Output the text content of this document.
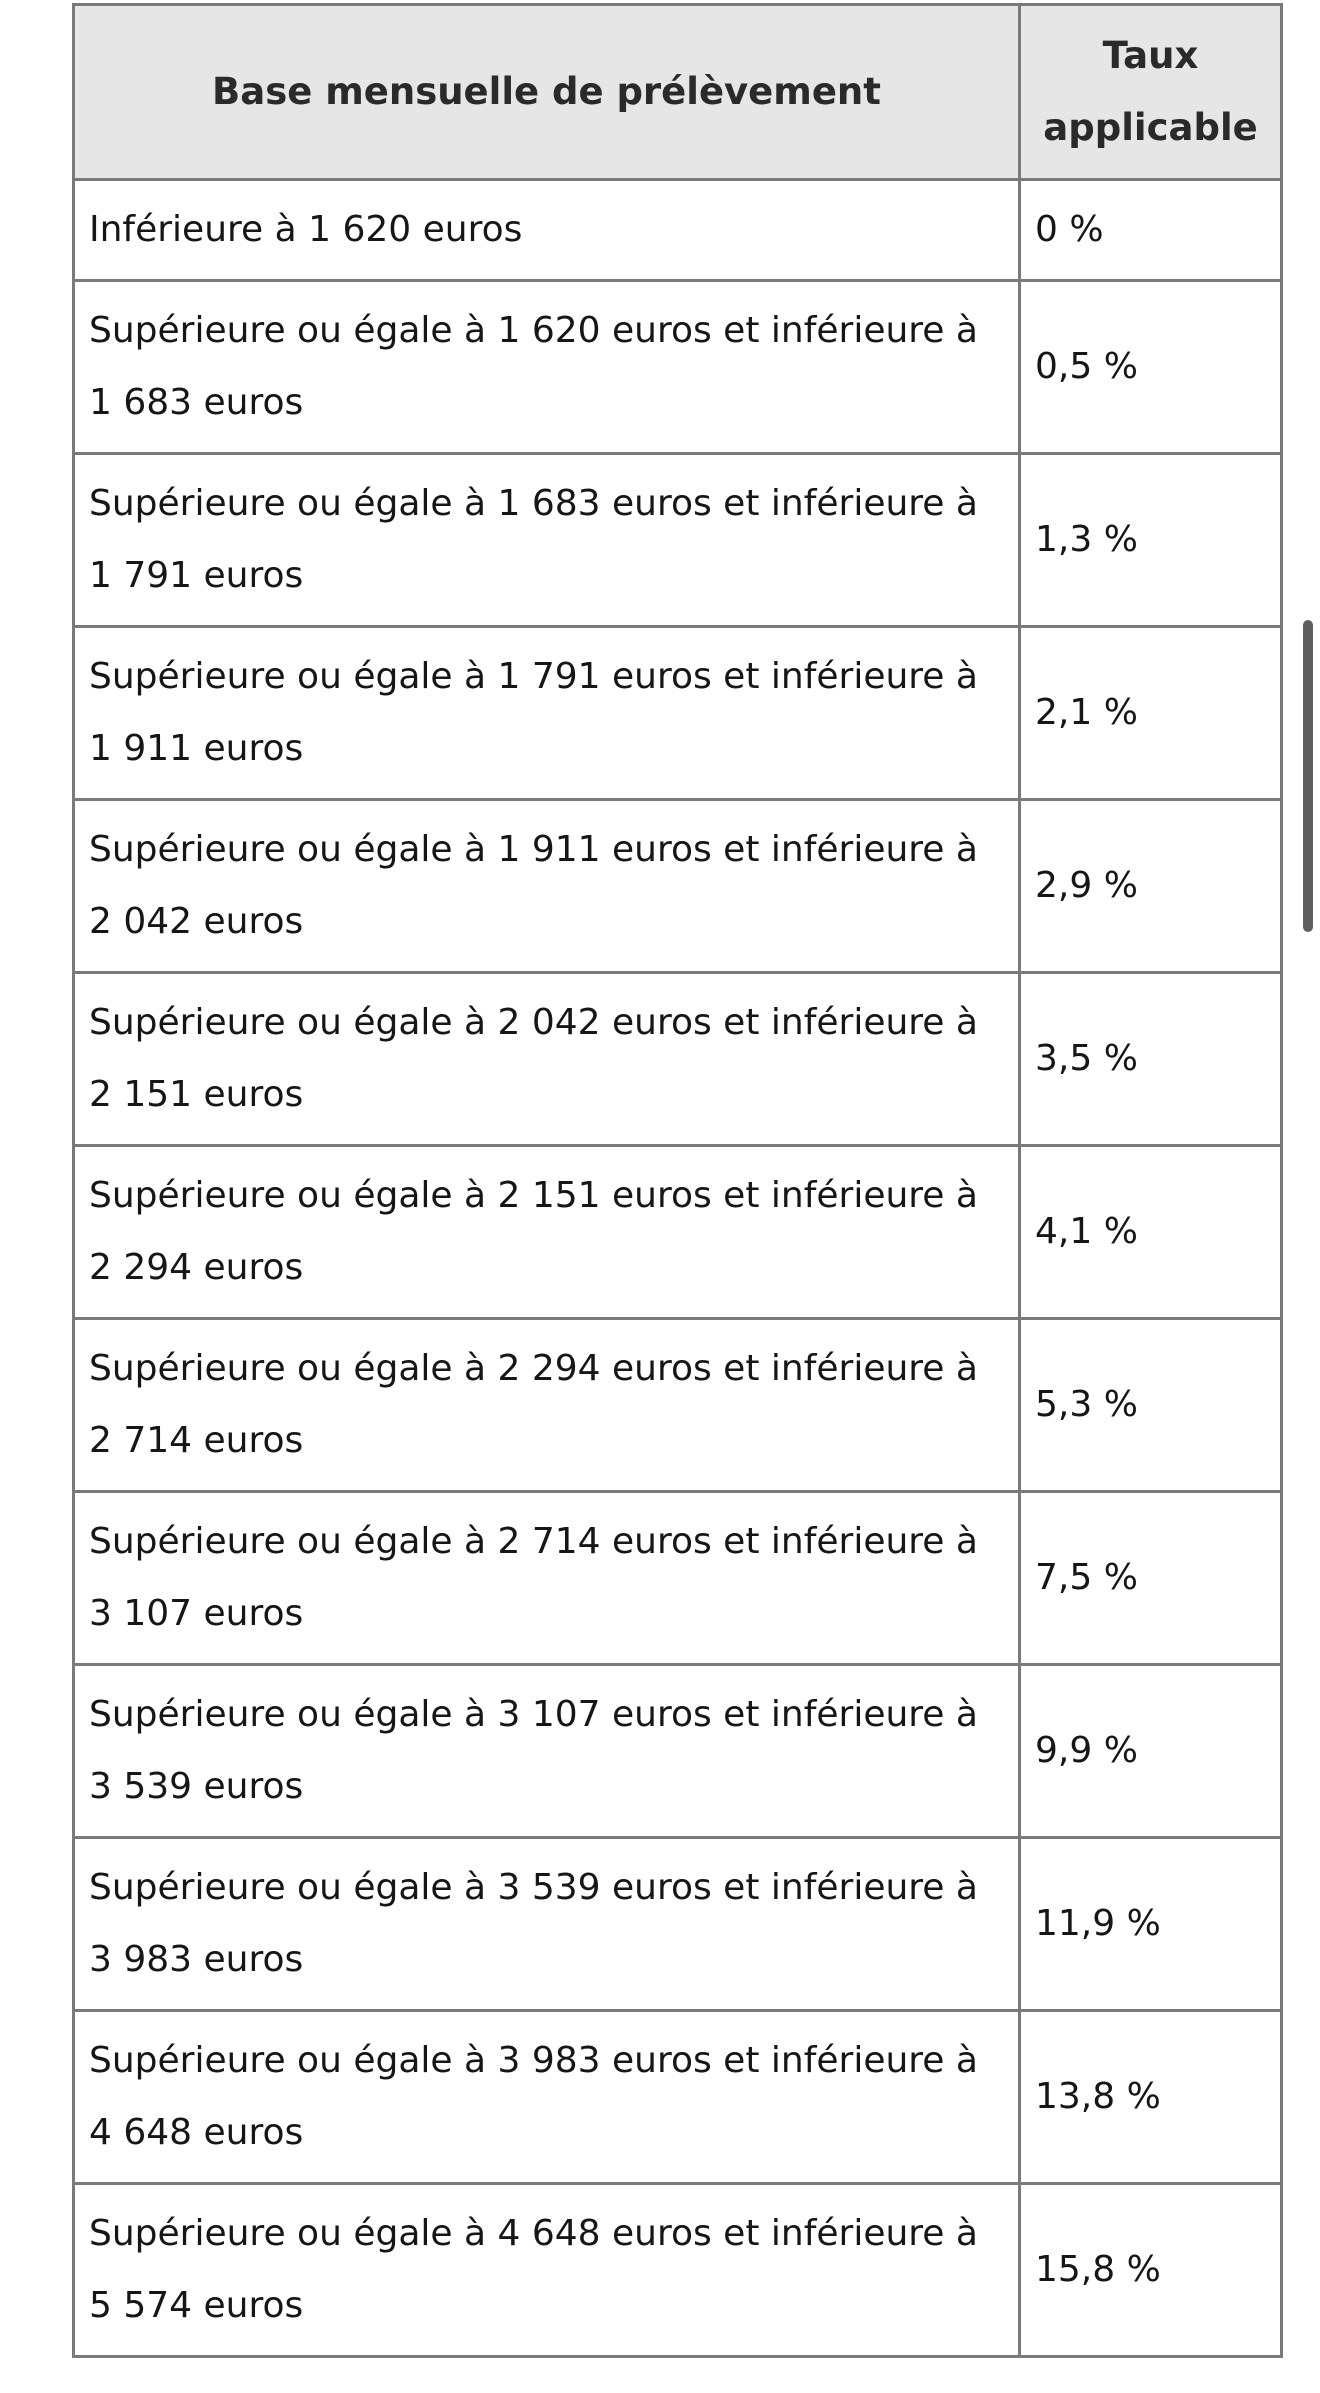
Base mensuelle de prélèvement	Taux applicable
Inférieure à 1 620 euros	0 %
Supérieure ou égale à 1 620 euros et inférieure à 1 683 euros	0,5 %
Supérieure ou égale à 1 683 euros et inférieure à 1 791 euros	1,3 %
Supérieure ou égale à 1 791 euros et inférieure à 1 911 euros	2,1 %
Supérieure ou égale à 1 911 euros et inférieure à 2 042 euros	2,9 %
Supérieure ou égale à 2 042 euros et inférieure à 2 151 euros	3,5 %
Supérieure ou égale à 2 151 euros et inférieure à 2 294 euros	4,1 %
Supérieure ou égale à 2 294 euros et inférieure à 2 714 euros	5,3 %
Supérieure ou égale à 2 714 euros et inférieure à 3 107 euros	7,5 %
Supérieure ou égale à 3 107 euros et inférieure à 3 539 euros	9,9 %
Supérieure ou égale à 3 539 euros et inférieure à 3 983 euros	11,9 %
Supérieure ou égale à 3 983 euros et inférieure à 4 648 euros	13,8 %
Supérieure ou égale à 4 648 euros et inférieure à 5 574 euros	15,8 %
